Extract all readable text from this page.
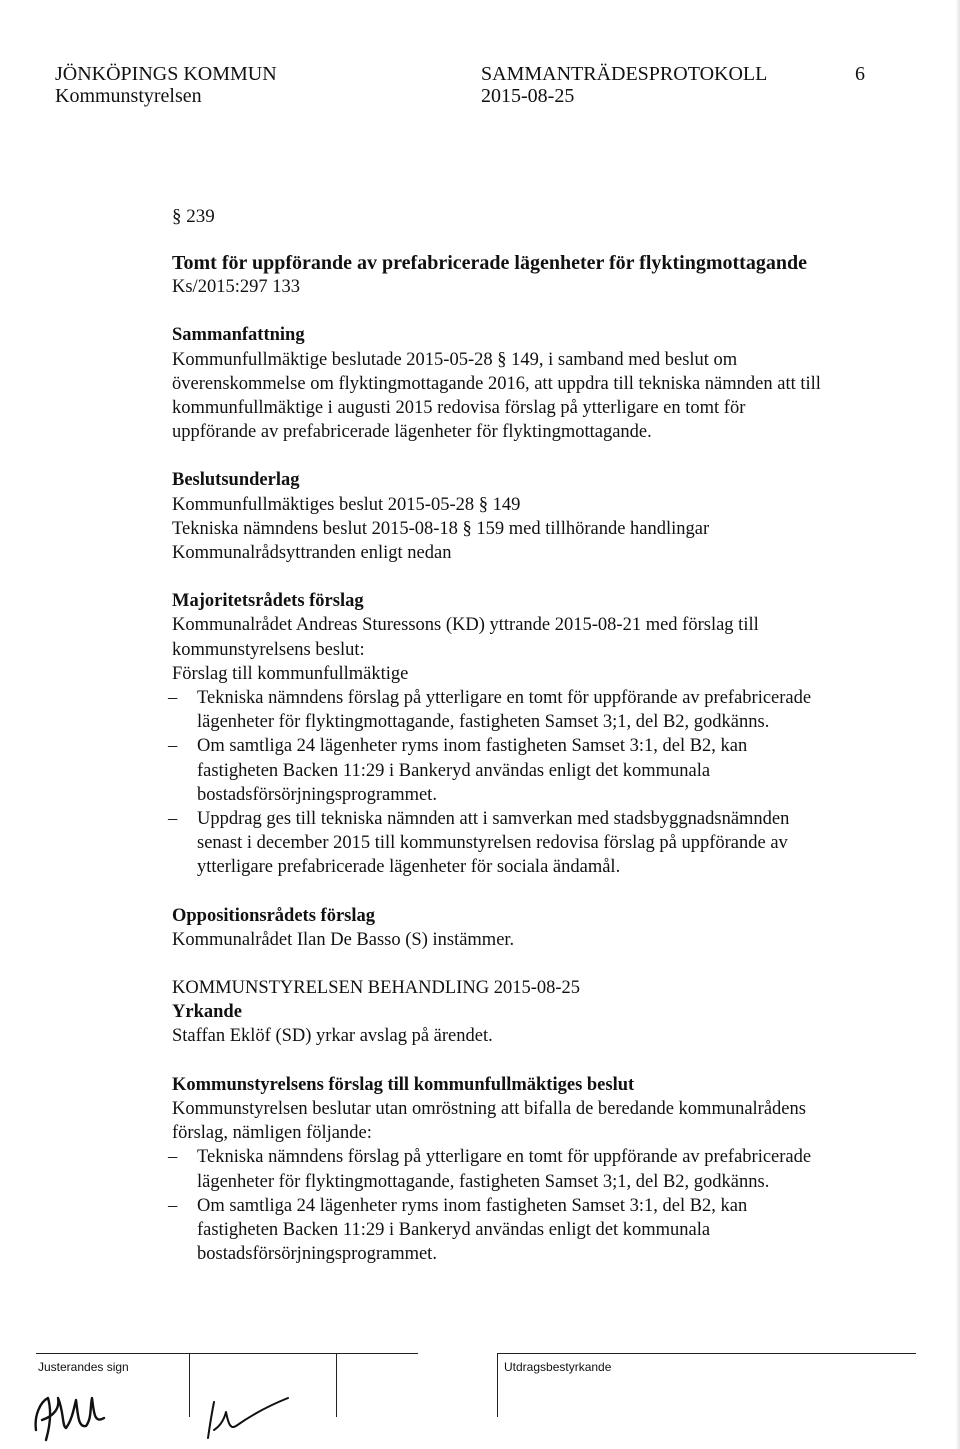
JÖNKÖPINGS KOMMUN
Kommunstyrelsen
SAMMANTRÄDESPROTOKOLL
2015-08-25
6
§ 239
Tomt för uppförande av prefabricerade lägenheter för flyktingmottagande

Ks/2015:297 133

Sammanfattning

Kommunfullmäktige beslutade 2015-05-28 § 149, i samband med beslut om överenskommelse om flyktingmottagande 2016, att uppdra till tekniska nämnden att till kommunfullmäktige i augusti 2015 redovisa förslag på ytterligare en tomt för uppförande av prefabricerade lägenheter för flyktingmottagande.

Beslutsunderlag

Kommunfullmäktiges beslut 2015-05-28 § 149

Tekniska nämndens beslut 2015-08-18 § 159 med tillhörande handlingar

Kommunalrådsyttranden enligt nedan

Majoritetsrådets förslag

Kommunalrådet Andreas Sturessons (KD) yttrande 2015-08-21 med förslag till kommunstyrelsens beslut:

Förslag till kommunfullmäktige

– Tekniska nämndens förslag på ytterligare en tomt för uppförande av prefabricerade lägenheter för flyktingmottagande, fastigheten Samset 3;1, del B2, godkänns.
– Om samtliga 24 lägenheter ryms inom fastigheten Samset 3:1, del B2, kan fastigheten Backen 11:29 i Bankeryd användas enligt det kommunala bostadsförsörjningsprogrammet.
– Uppdrag ges till tekniska nämnden att i samverkan med stadsbyggnadsnämnden senast i december 2015 till kommunstyrelsen redovisa förslag på uppförande av ytterligare prefabricerade lägenheter för sociala ändamål.
Oppositionsrådets förslag

Kommunalrådet Ilan De Basso (S) instämmer.

KOMMUNSTYRELSEN BEHANDLING 2015-08-25
Yrkande

Staffan Eklöf (SD) yrkar avslag på ärendet.

Kommunstyrelsens förslag till kommunfullmäktiges beslut

Kommunstyrelsen beslutar utan omröstning att bifalla de beredande kommunalrådens förslag, nämligen följande:

– Tekniska nämndens förslag på ytterligare en tomt för uppförande av prefabricerade lägenheter för flyktingmottagande, fastigheten Samset 3;1, del B2, godkänns.
– Om samtliga 24 lägenheter ryms inom fastigheten Samset 3:1, del B2, kan fastigheten Backen 11:29 i Bankeryd användas enligt det kommunala bostadsförsörjningsprogrammet.
Justerandes sign	Utdragsbestyrkande
